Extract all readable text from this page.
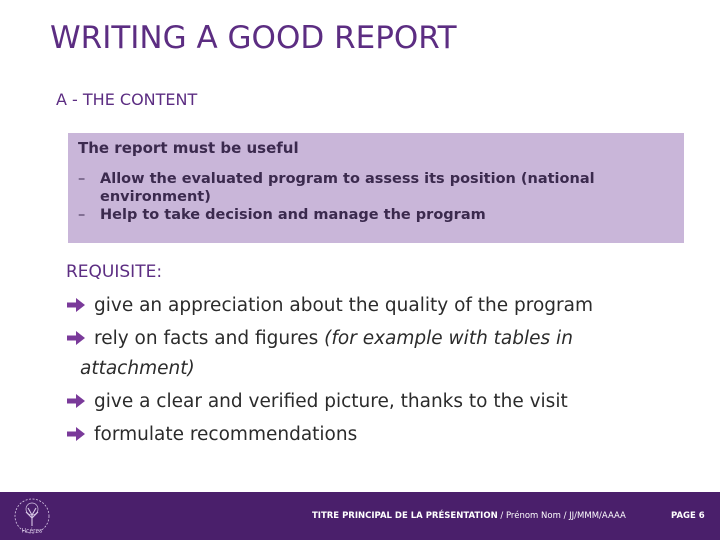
WRITING A GOOD REPORT
A - THE CONTENT
The report must be useful
– Allow the evaluated program to assess its position (national environment)
– Help to take decision and manage the program
REQUISITE:
give an appreciation about the quality of the program
rely on facts and figures (for example with tables in
attachment)
give a clear and verified picture, thanks to the visit
formulate recommendations
Hcéres
TITRE PRINCIPAL DE LA PRÉSENTATION / Prénom Nom / JJ/MMM/AAAA	PAGE 6
